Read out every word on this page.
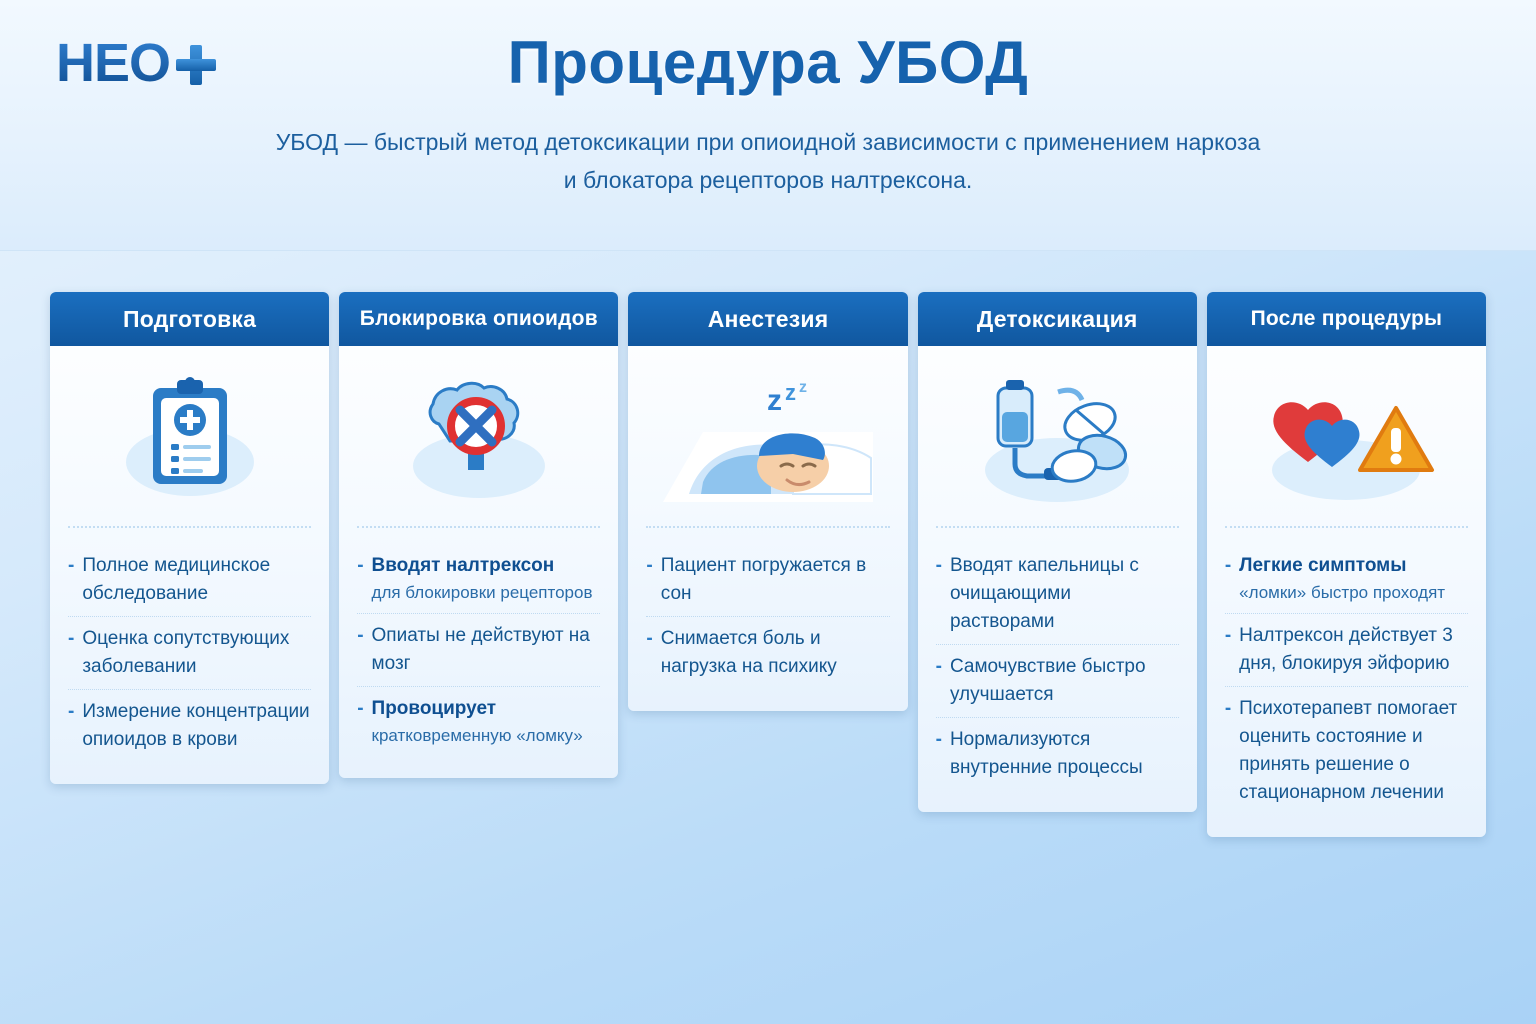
HEO	Процедура УБОД
УБОД — быстрый метод детоксикации при опиоидной зависимости с применением наркоза
и блокатора рецепторов налтрексона.
Подготовка
- Полное медицинское обследование
- Оценка сопутствующих заболевании
- Измерение концентрации опиоидов в крови
Блокировка опиоидов
- Вводят налтрексон
для блокировки рецепторов
- Опиаты не действуют на мозг
- Провоцирует
кратковременную «ломку»
Анестезия
z z z
- Пациент погружается в сон
- Снимается боль и нагрузка на психику
Детоксикация
- Вводят капельницы с очищающими растворами
- Самочувствие быстро улучшается
- Нормализуются внутренние процессы
После процедуры
- Легкие симптомы
«ломки» быстро проходят
- Налтрексон действует 3 дня, блокируя эйфорию
- Психотерапевт помогает оценить состояние и принять решение о стационарном лечении
